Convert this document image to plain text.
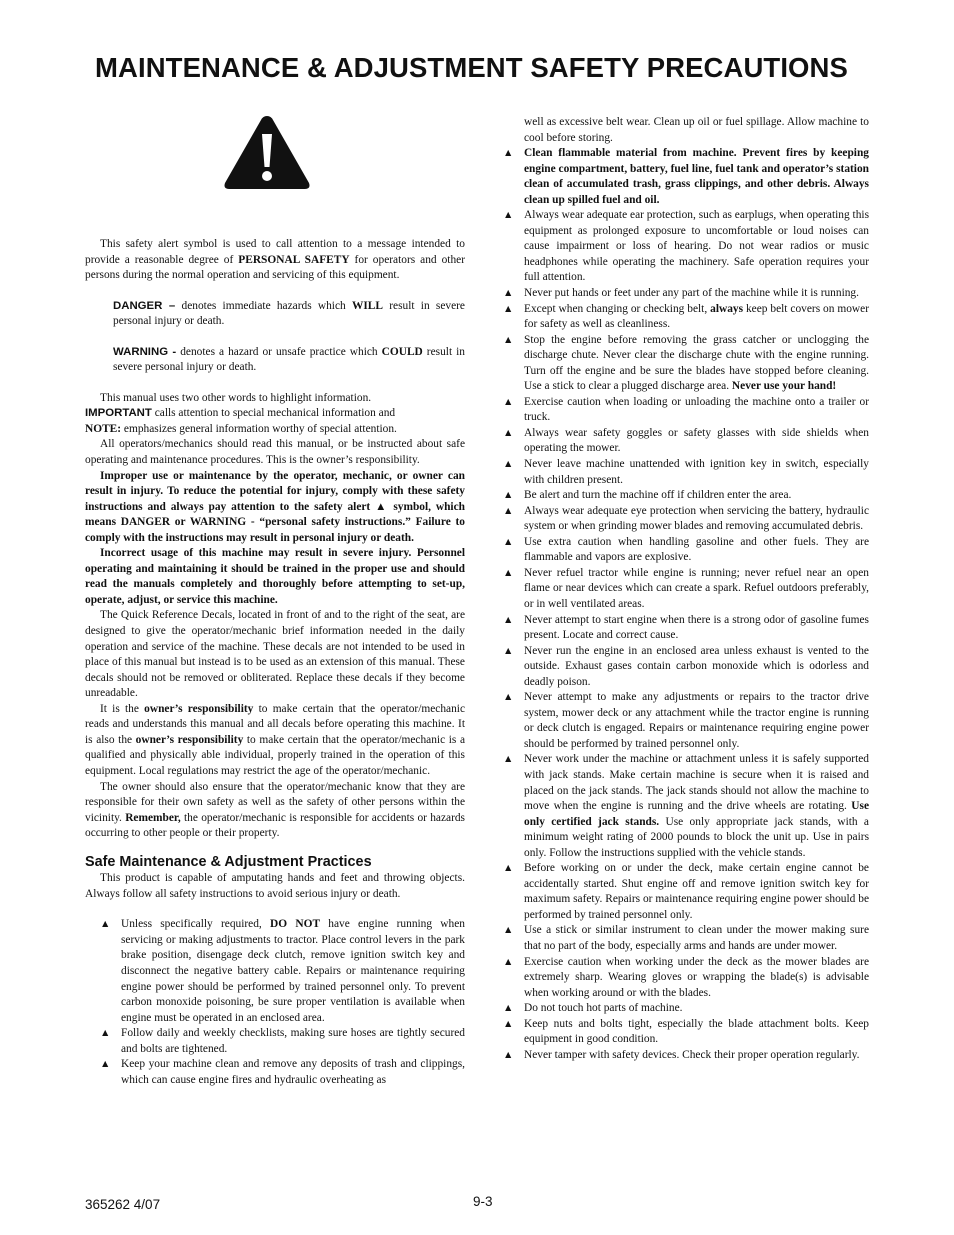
MAINTENANCE & ADJUSTMENT SAFETY PRECAUTIONS

This safety alert symbol is used to call attention to a message intended to provide a reasonable degree of PERSONAL SAFETY for operators and other persons during the normal operation and servicing of this equipment.

DANGER – denotes immediate hazards which WILL result in severe personal injury or death.

WARNING - denotes a hazard or unsafe practice which COULD result in severe personal injury or death.

This manual uses two other words to highlight information.

IMPORTANT calls attention to special mechanical information and

NOTE: emphasizes general information worthy of special attention.

All operators/mechanics should read this manual, or be instructed about safe operating and maintenance procedures. This is the owner’s responsibility.

Improper use or maintenance by the operator, mechanic, or owner can result in injury. To reduce the potential for injury, comply with these safety instructions and always pay attention to the safety alert ▲ symbol, which means DANGER or WARNING - “personal safety instructions.” Failure to comply with the instructions may result in personal injury or death.

Incorrect usage of this machine may result in severe injury. Personnel operating and maintaining it should be trained in the proper use and should read the manuals completely and thoroughly before attempting to set-up, operate, adjust, or service this machine.

The Quick Reference Decals, located in front of and to the right of the seat, are designed to give the operator/mechanic brief information needed in the daily operation and service of the machine. These decals are not intended to be used in place of this manual but instead is to be used as an extension of this manual. These decals should not be removed or obliterated. Replace these decals if they become unreadable.

It is the owner’s responsibility to make certain that the operator/mechanic reads and understands this manual and all decals before operating this machine. It is also the owner’s responsibility to make certain that the operator/mechanic is a qualified and physically able individual, properly trained in the operation of this equipment. Local regulations may restrict the age of the operator/mechanic.

The owner should also ensure that the operator/mechanic know that they are responsible for their own safety as well as the safety of other persons within the vicinity. Remember, the operator/mechanic is responsible for accidents or hazards occurring to other people or their property.

Safe Maintenance & Adjustment Practices

This product is capable of amputating hands and feet and throwing objects. Always follow all safety instructions to avoid serious injury or death.

▲ Unless specifically required, DO NOT have engine running when servicing or making adjustments to tractor. Place control levers in the park brake position, disengage deck clutch, remove ignition switch key and disconnect the negative battery cable. Repairs or maintenance requiring engine power should be performed by trained personnel only. To prevent carbon monoxide poisoning, be sure proper ventilation is available when engine must be operated in an enclosed area.

▲ Follow daily and weekly checklists, making sure hoses are tightly secured and bolts are tightened.

▲ Keep your machine clean and remove any deposits of trash and clippings, which can cause engine fires and hydraulic overheating as

well as excessive belt wear. Clean up oil or fuel spillage. Allow machine to cool before storing.

▲ Clean flammable material from machine. Prevent fires by keeping engine compartment, battery, fuel line, fuel tank and operator’s station clean of accumulated trash, grass clippings, and other debris. Always clean up spilled fuel and oil.

▲ Always wear adequate ear protection, such as earplugs, when operating this equipment as prolonged exposure to uncomfortable or loud noises can cause impairment or loss of hearing. Do not wear radios or music headphones while operating the machinery. Safe operation requires your full attention.

▲ Never put hands or feet under any part of the machine while it is running.

▲ Except when changing or checking belt, always keep belt covers on mower for safety as well as cleanliness.

▲ Stop the engine before removing the grass catcher or unclogging the discharge chute. Never clear the discharge chute with the engine running. Turn off the engine and be sure the blades have stopped before cleaning. Use a stick to clear a plugged discharge area. Never use your hand!

▲ Exercise caution when loading or unloading the machine onto a trailer or truck.

▲ Always wear safety goggles or safety glasses with side shields when operating the mower.

▲ Never leave machine unattended with ignition key in switch, especially with children present.

▲ Be alert and turn the machine off if children enter the area.

▲ Always wear adequate eye protection when servicing the battery, hydraulic system or when grinding mower blades and removing accumulated debris.

▲ Use extra caution when handling gasoline and other fuels. They are flammable and vapors are explosive.

▲ Never refuel tractor while engine is running; never refuel near an open flame or near devices which can create a spark. Refuel outdoors preferably, or in well ventilated areas.

▲ Never attempt to start engine when there is a strong odor of gasoline fumes present. Locate and correct cause.

▲ Never run the engine in an enclosed area unless exhaust is vented to the outside. Exhaust gases contain carbon monoxide which is odorless and deadly poison.

▲ Never attempt to make any adjustments or repairs to the tractor drive system, mower deck or any attachment while the tractor engine is running or deck clutch is engaged. Repairs or maintenance requiring engine power should be performed by trained personnel only.

▲ Never work under the machine or attachment unless it is safely supported with jack stands. Make certain machine is secure when it is raised and placed on the jack stands. The jack stands should not allow the machine to move when the engine is running and the drive wheels are rotating. Use only certified jack stands. Use only appropriate jack stands, with a minimum weight rating of 2000 pounds to block the unit up. Use in pairs only. Follow the instructions supplied with the vehicle stands.

▲ Before working on or under the deck, make certain engine cannot be accidentally started. Shut engine off and remove ignition switch key for maximum safety. Repairs or maintenance requiring engine power should be performed by trained personnel only.

▲ Use a stick or similar instrument to clean under the mower making sure that no part of the body, especially arms and hands are under mower.

▲ Exercise caution when working under the deck as the mower blades are extremely sharp. Wearing gloves or wrapping the blade(s) is advisable when working around or with the blades.

▲ Do not touch hot parts of machine.

▲ Keep nuts and bolts tight, especially the blade attachment bolts. Keep equipment in good condition.

▲ Never tamper with safety devices. Check their proper operation regularly.

365262 4/07	9-3
